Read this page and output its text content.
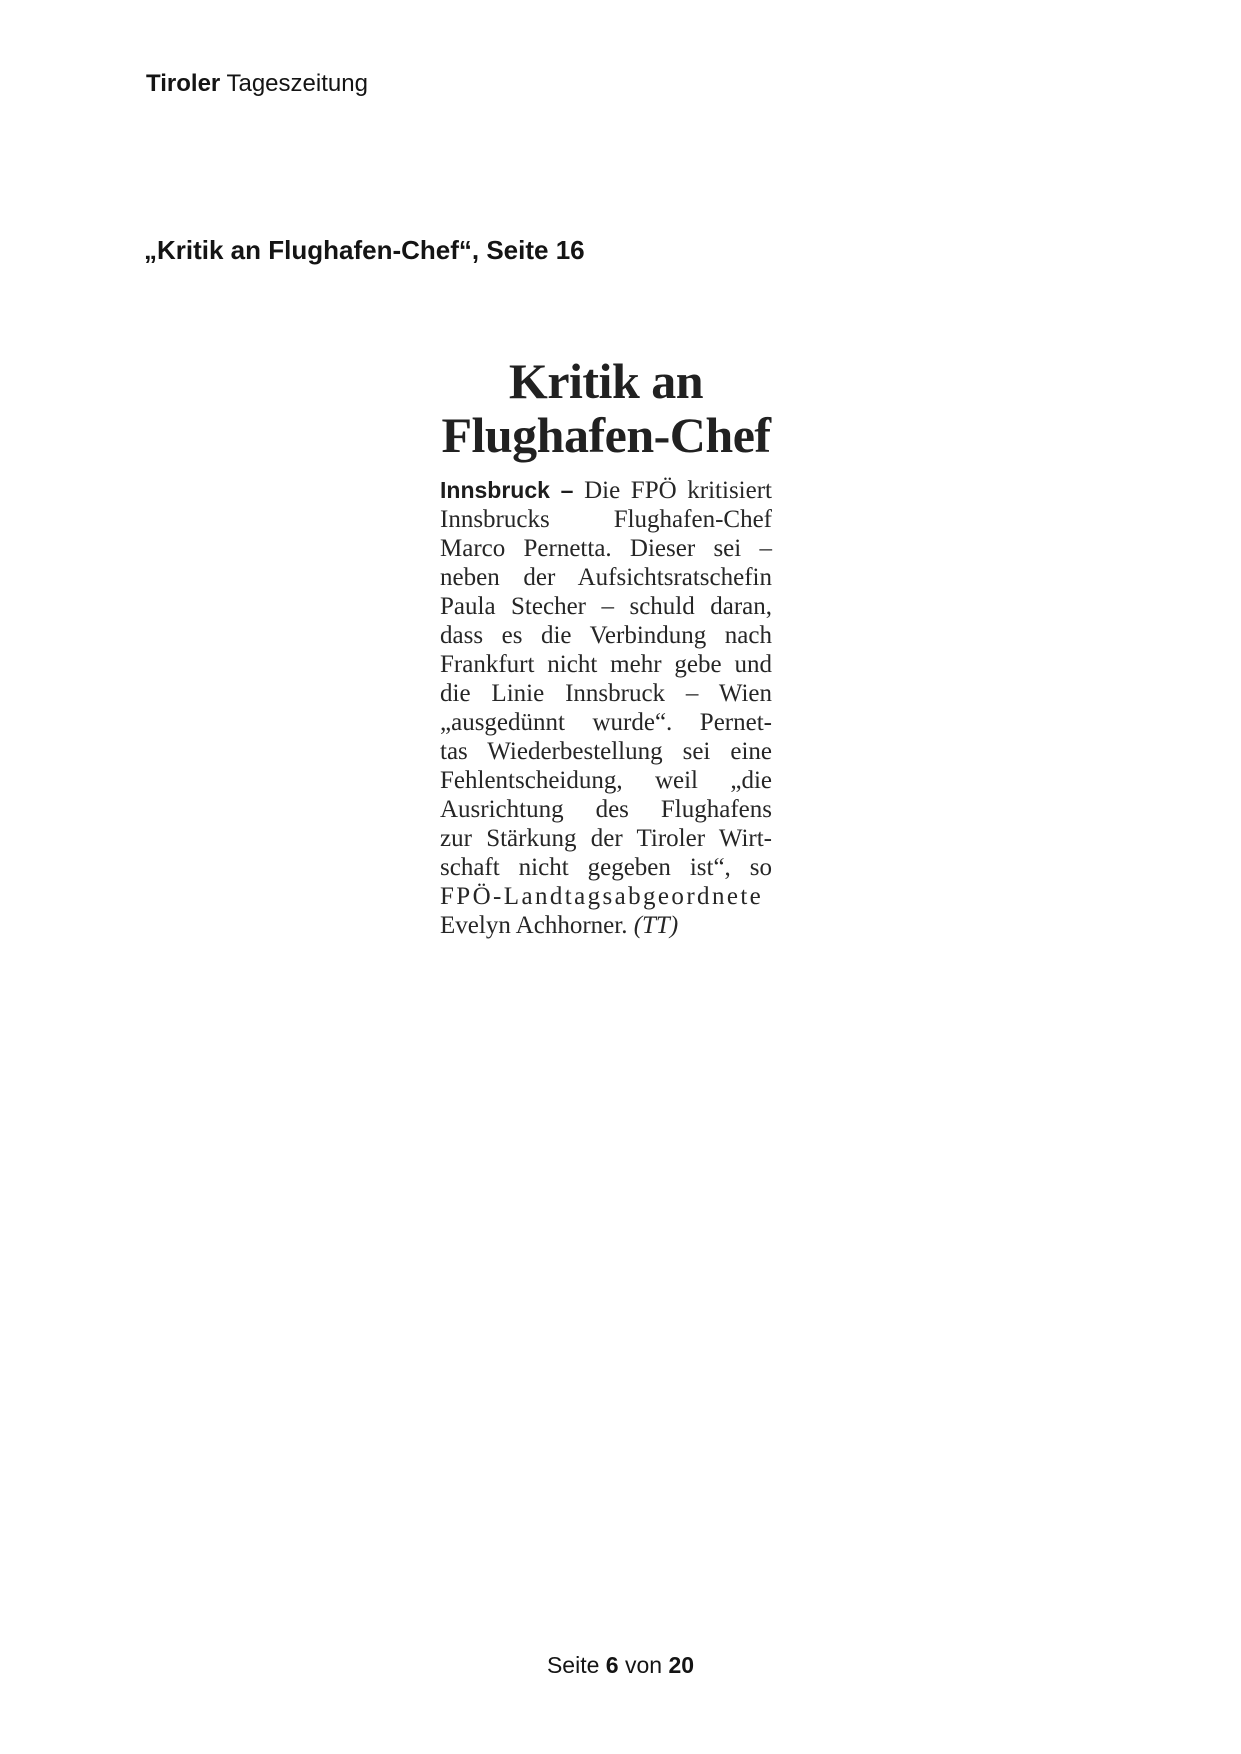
Tiroler Tageszeitung
„Kritik an Flughafen-Chef“, Seite 16
Kritik an
Flughafen-Chef
Innsbruck – Die FPÖ kritisiert
Innsbrucks Flughafen-Chef
Marco Pernetta. Dieser sei –
neben der Aufsichtsratschefin
Paula Stecher – schuld daran,
dass es die Verbindung nach
Frankfurt nicht mehr gebe und
die Linie Innsbruck – Wien
„ausgedünnt wurde“. Pernet-
tas Wiederbestellung sei eine
Fehlentscheidung, weil „die
Ausrichtung des Flughafens
zur Stärkung der Tiroler Wirt-
schaft nicht gegeben ist“, so
FPÖ-Landtagsabgeordnete
Evelyn Achhorner. (TT)
Seite 6 von 20
